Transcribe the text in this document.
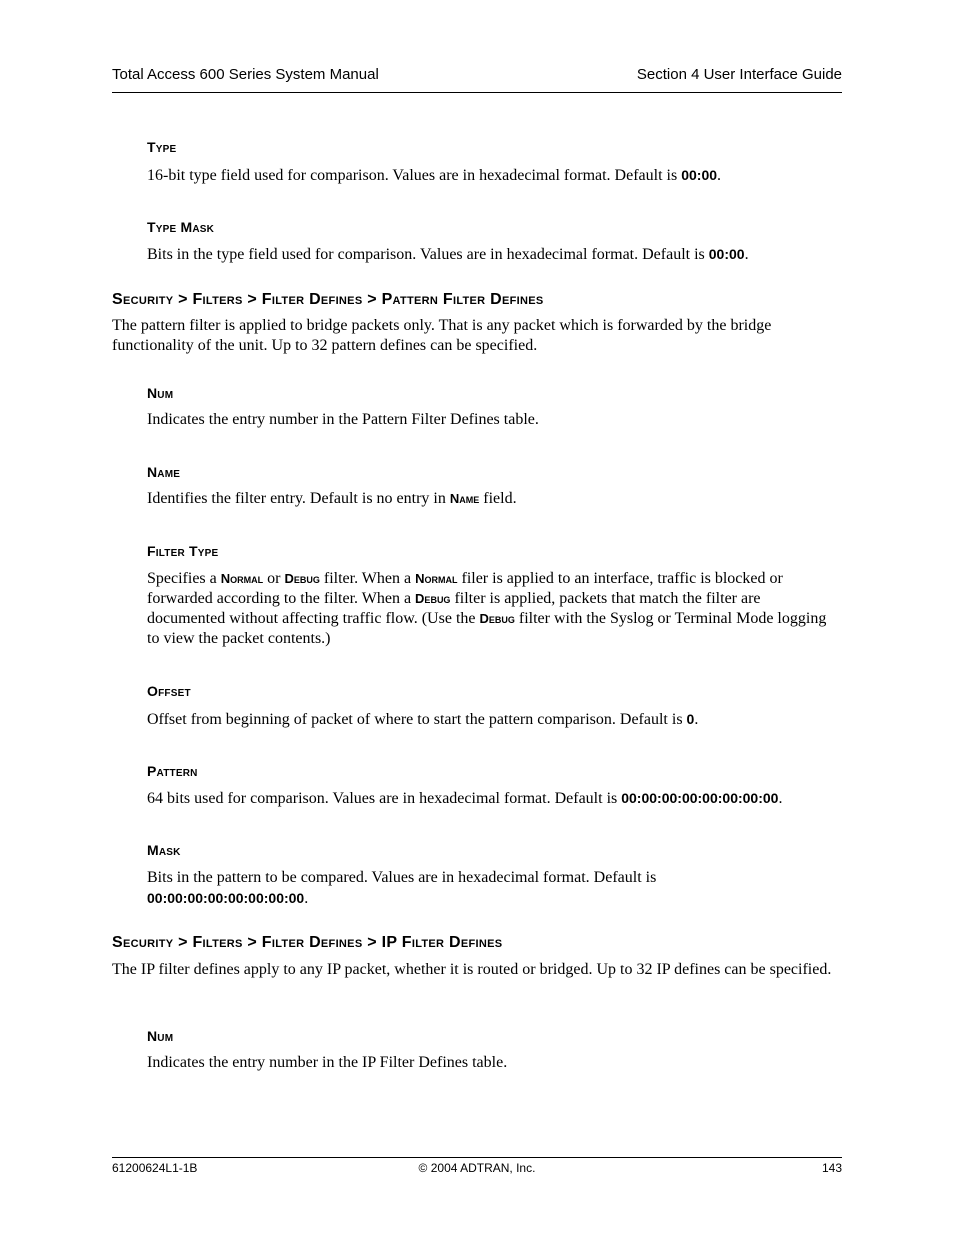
Total Access 600 Series System Manual	Section 4 User Interface Guide
Type
16-bit type field used for comparison. Values are in hexadecimal format. Default is 00:00.
Type Mask
Bits in the type field used for comparison. Values are in hexadecimal format. Default is 00:00.
Security > Filters > Filter Defines > Pattern Filter Defines
The pattern filter is applied to bridge packets only. That is any packet which is forwarded by the bridge functionality of the unit. Up to 32 pattern defines can be specified.
Num
Indicates the entry number in the Pattern Filter Defines table.
Name
Identifies the filter entry. Default is no entry in Name field.
Filter Type
Specifies a Normal or Debug filter. When a Normal filer is applied to an interface, traffic is blocked or forwarded according to the filter. When a Debug filter is applied, packets that match the filter are documented without affecting traffic flow. (Use the Debug filter with the Syslog or Terminal Mode logging to view the packet contents.)
Offset
Offset from beginning of packet of where to start the pattern comparison. Default is 0.
Pattern
64 bits used for comparison. Values are in hexadecimal format. Default is 00:00:00:00:00:00:00:00.
Mask
Bits in the pattern to be compared. Values are in hexadecimal format. Default is
00:00:00:00:00:00:00:00.
Security > Filters > Filter Defines > IP Filter Defines
The IP filter defines apply to any IP packet, whether it is routed or bridged. Up to 32 IP defines can be specified.
Num
Indicates the entry number in the IP Filter Defines table.
61200624L1-1B	© 2004 ADTRAN, Inc.	143
